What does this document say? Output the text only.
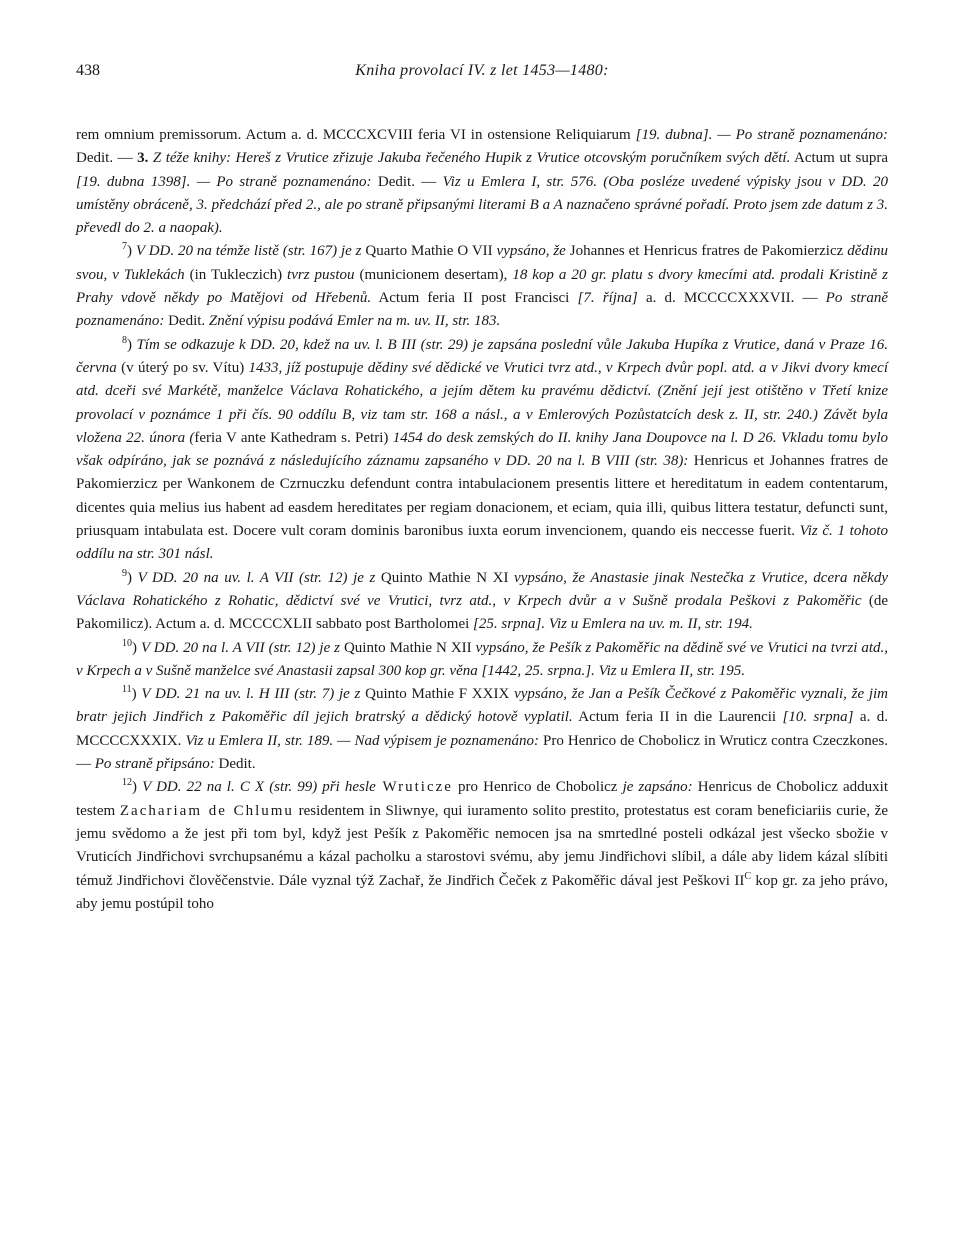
438	Kniha provolací IV. z let 1453—1480:

rem omnium premissorum. Actum a. d. MCCCXCVIII feria VI in ostensione Reliquiarum [19. dubna]. — Po straně poznamenáno: Dedit. — 3. Z téže knihy: Hereš z Vrutice zřizuje Jakuba řečeného Hupik z Vrutice otcovským poručníkem svých dětí. Actum ut supra [19. dubna 1398]. — Po straně poznamenáno: Dedit. — Viz u Emlera I, str. 576. (Oba posléze uvedené výpisky jsou v DD. 20 umístěny obráceně, 3. předchází před 2., ale po straně připsanými literami B a A naznačeno správné pořadí. Proto jsem zde datum z 3. převedl do 2. a naopak).

$^7$) V DD. 20 na témže listě (str. 167) je z Quarto Mathie O VII vypsáno, že Johannes et Henricus fratres de Pakomierzicz dědinu svou, v Tuklekách (in Tukleczich) tvrz pustou (municionem desertam), 18 kop a 20 gr. platu s dvory kmecími atd. prodali Kristině z Prahy vdově někdy po Matějovi od Hřebenů. Actum feria II post Francisci [7. října] a. d. MCCCCXXXVII. — Po straně poznamenáno: Dedit. Znění výpisu podává Emler na m. uv. II, str. 183.

$^8$) Tím se odkazuje k DD. 20, kdež na uv. l. B III (str. 29) je zapsána poslední vůle Jakuba Hupíka z Vrutice, daná v Praze 16. června (v úterý po sv. Vítu) 1433, jíž postupuje dědiny své dědické ve Vrutici tvrz atd., v Krpech dvůr popl. atd. a v Jikvi dvory kmecí atd. dceři své Markétě, manželce Václava Rohatického, a jejím dětem ku pravému dědictví. (Znění její jest otištěno v Třetí knize provolací v poznámce 1 při čís. 90 oddílu B, viz tam str. 168 a násl., a v Emlerových Pozůstatcích desk z. II, str. 240.) Závět byla vložena 22. února (feria V ante Kathedram s. Petri) 1454 do desk zemských do II. knihy Jana Doupovce na l. D 26. Vkladu tomu bylo však odpíráno, jak se poznává z následujícího záznamu zapsaného v DD. 20 na l. B VIII (str. 38): Henricus et Johannes fratres de Pakomierzicz per Wankonem de Czrnuczku defendunt contra intabulacionem presentis littere et hereditatum in eadem contentarum, dicentes quia melius ius habent ad easdem hereditates per regiam donacionem, et eciam, quia illi, quibus littera testatur, defuncti sunt, priusquam intabulata est. Docere vult coram dominis baronibus iuxta eorum invencionem, quando eis neccesse fuerit. Viz č. 1 tohoto oddílu na str. 301 násl.

$^9$) V DD. 20 na uv. l. A VII (str. 12) je z Quinto Mathie N XI vypsáno, že Anastasie jinak Nestečka z Vrutice, dcera někdy Václava Rohatického z Rohatic, dědictví své ve Vrutici, tvrz atd., v Krpech dvůr a v Sušně prodala Peškovi z Pakoměřic (de Pakomilicz). Actum a. d. MCCCCXLII sabbato post Bartholomei [25. srpna]. Viz u Emlera na uv. m. II, str. 194.

$^{10}$) V DD. 20 na l. A VII (str. 12) je z Quinto Mathie N XII vypsáno, že Pešík z Pakoměřic na dědině své ve Vrutici na tvrzi atd., v Krpech a v Sušně manželce své Anastasii zapsal 300 kop gr. věna [1442, 25. srpna.]. Viz u Emlera II, str. 195.

$^{11}$) V DD. 21 na uv. l. H III (str. 7) je z Quinto Mathie F XXIX vypsáno, že Jan a Pešík Čečkové z Pakoměřic vyznali, že jim bratr jejich Jindřich z Pakoměřic díl jejich bratrský a dědický hotově vyplatil. Actum feria II in die Laurencii [10. srpna] a. d. MCCCCXXXIX. Viz u Emlera II, str. 189. — Nad výpisem je poznamenáno: Pro Henrico de Chobolicz in Wruticz contra Czeczkones. — Po straně připsáno: Dedit.

$^{12}$) V DD. 22 na l. C X (str. 99) při hesle Wruticze pro Henrico de Chobolicz je zapsáno: Henricus de Chobolicz adduxit testem Zachariam de Chlumu residentem in Sliwnye, qui iuramento solito prestito, protestatus est coram beneficiariis curie, že jemu svědomo a že jest při tom byl, když jest Pešík z Pakoměřic nemocen jsa na smrtedlné posteli odkázal jest všecko sbožie v Vruticích Jindřichovi svrchupsanému a kázal pacholku a starostovi svému, aby jemu Jindřichovi slíbil, a dále aby lidem kázal slíbiti témuž Jindřichovi člověčenstvie. Dále vyznal týž Zachař, že Jindřich Čeček z Pakoměřic dával jest Peškovi $II^C$ kop gr. za jeho právo, aby jemu postúpil toho
